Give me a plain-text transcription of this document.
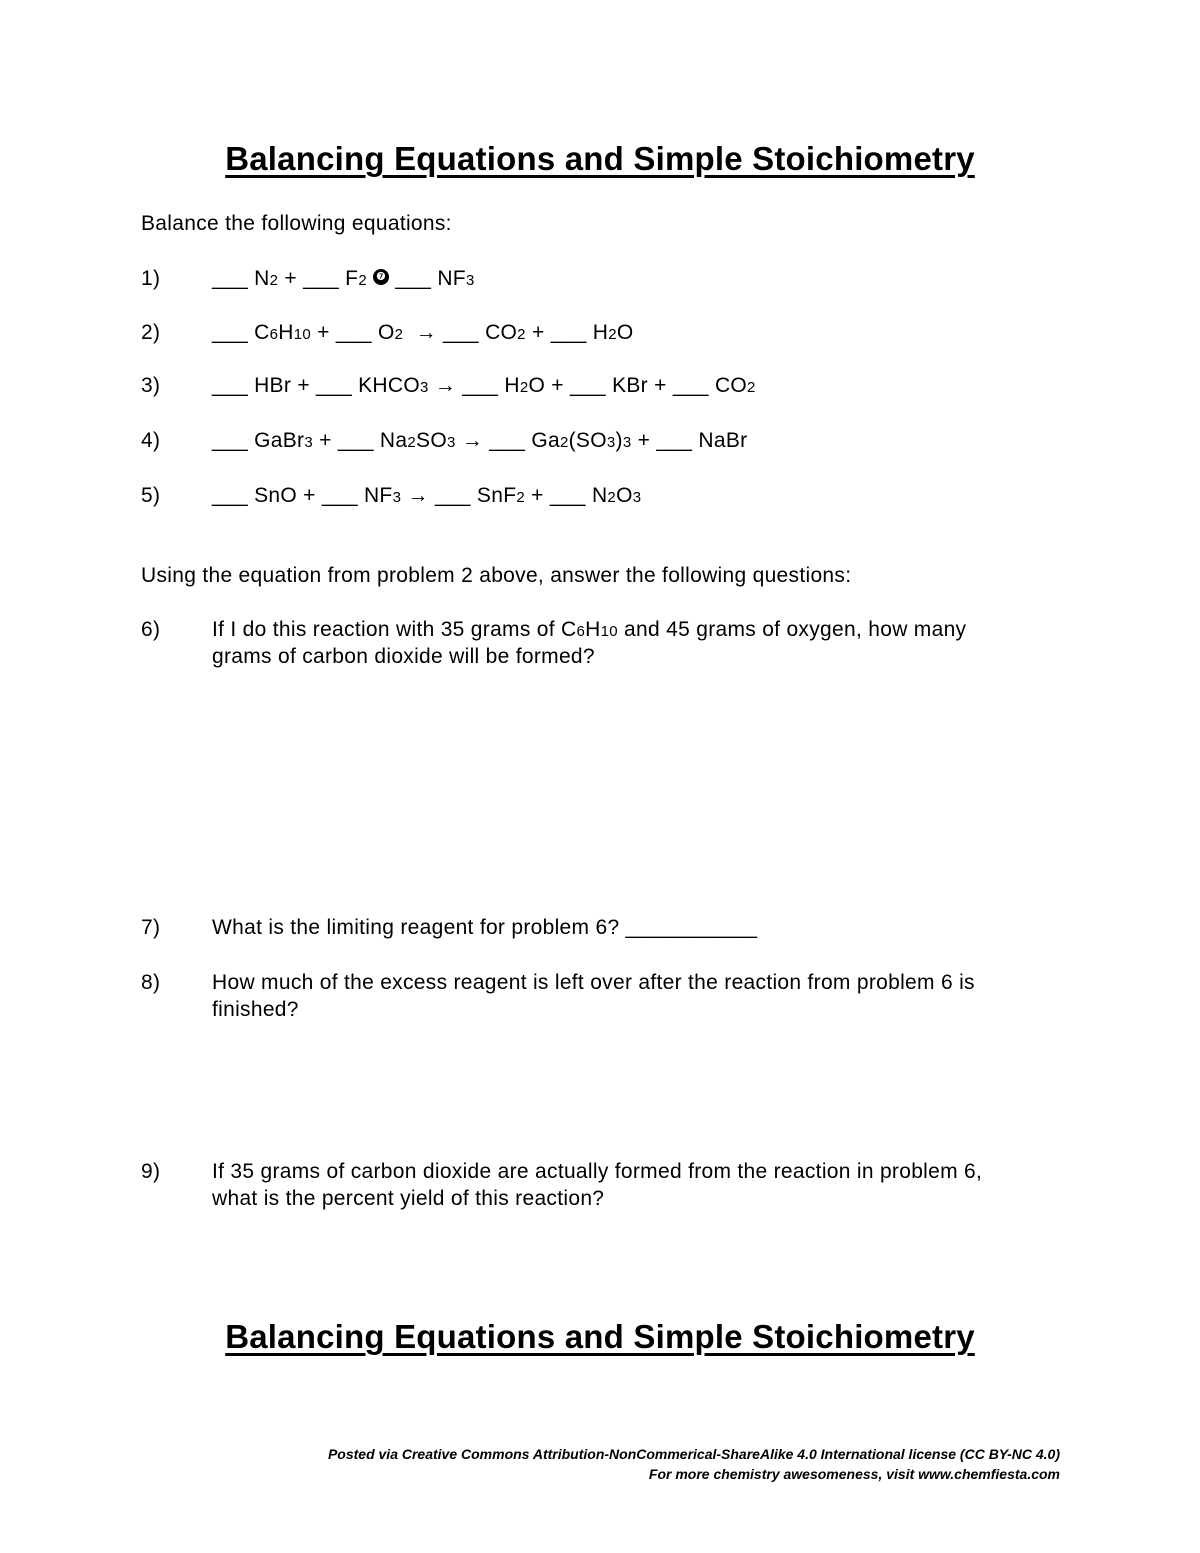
Balancing Equations and Simple Stoichiometry
Balance the following equations:
1) ___ N2 + ___ F2 ❼ ___ NF3
2) ___ C6H10 + ___ O2 → ___ CO2 + ___ H2O
3) ___ HBr + ___ KHCO3 → ___ H2O + ___ KBr + ___ CO2
4) ___ GaBr3 + ___ Na2SO3 → ___ Ga2(SO3)3 + ___ NaBr
5) ___ SnO + ___ NF3 → ___ SnF2 + ___ N2O3
Using the equation from problem 2 above, answer the following questions:
6) If I do this reaction with 35 grams of C6H10 and 45 grams of oxygen, how many
grams of carbon dioxide will be formed?
7) What is the limiting reagent for problem 6? ___________
8) How much of the excess reagent is left over after the reaction from problem 6 is
finished?
9) If 35 grams of carbon dioxide are actually formed from the reaction in problem 6,
what is the percent yield of this reaction?
Balancing Equations and Simple Stoichiometry
Posted via Creative Commons Attribution-NonCommerical-ShareAlike 4.0 International license (CC BY-NC 4.0)
For more chemistry awesomeness, visit www.chemfiesta.com
